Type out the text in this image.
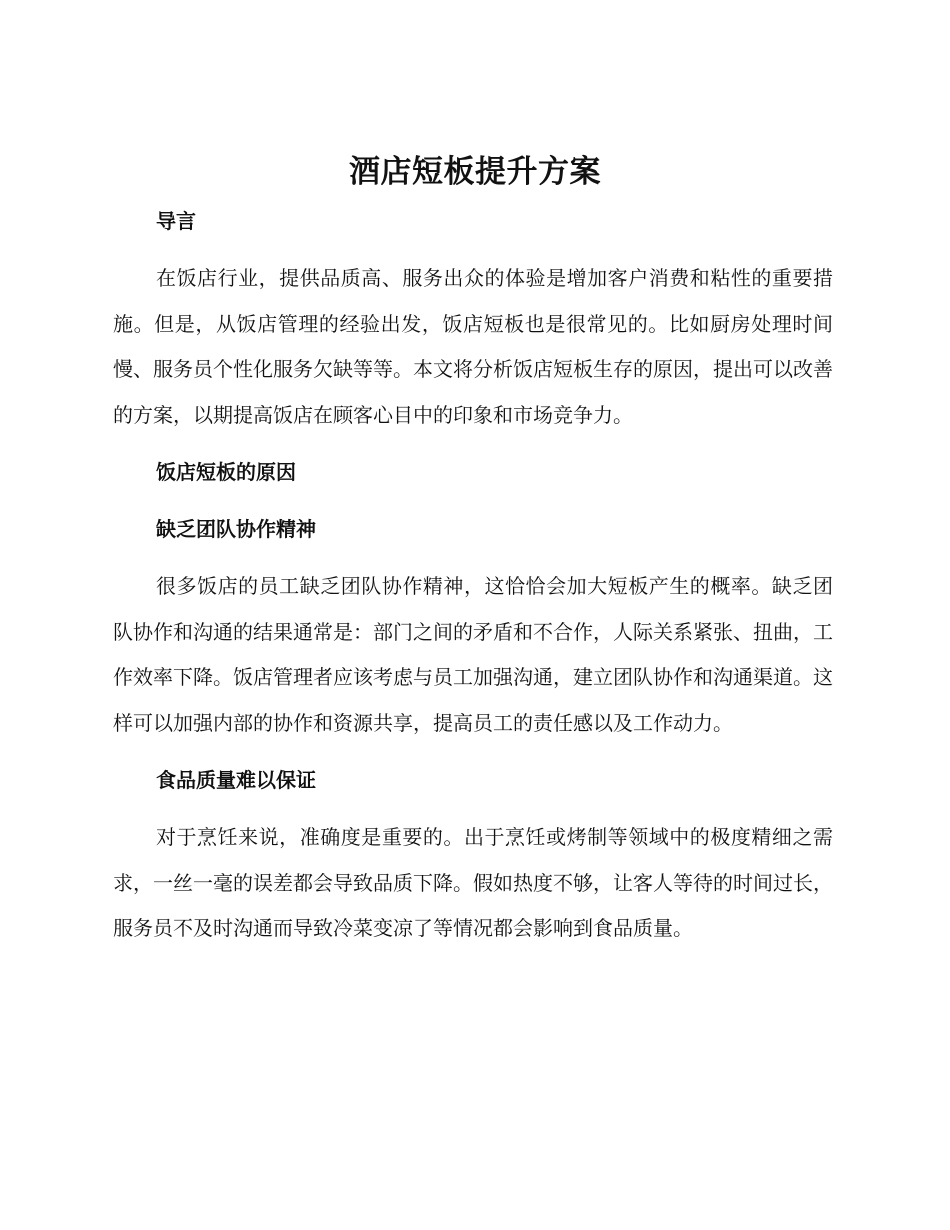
酒店短板提升方案

导言

在饭店行业，提供品质高、服务出众的体验是增加客户消费和粘性的重要措施。但是，从饭店管理的经验出发，饭店短板也是很常见的。比如厨房处理时间慢、服务员个性化服务欠缺等等。本文将分析饭店短板生存的原因，提出可以改善的方案，以期提高饭店在顾客心目中的印象和市场竞争力。

饭店短板的原因

缺乏团队协作精神

很多饭店的员工缺乏团队协作精神，这恰恰会加大短板产生的概率。缺乏团队协作和沟通的结果通常是：部门之间的矛盾和不合作，人际关系紧张、扭曲，工作效率下降。饭店管理者应该考虑与员工加强沟通，建立团队协作和沟通渠道。这样可以加强内部的协作和资源共享，提高员工的责任感以及工作动力。

食品质量难以保证

对于烹饪来说，准确度是重要的。出于烹饪或烤制等领域中的极度精细之需求，一丝一毫的误差都会导致品质下降。假如热度不够，让客人等待的时间过长，服务员不及时沟通而导致冷菜变凉了等情况都会影响到食品质量。
